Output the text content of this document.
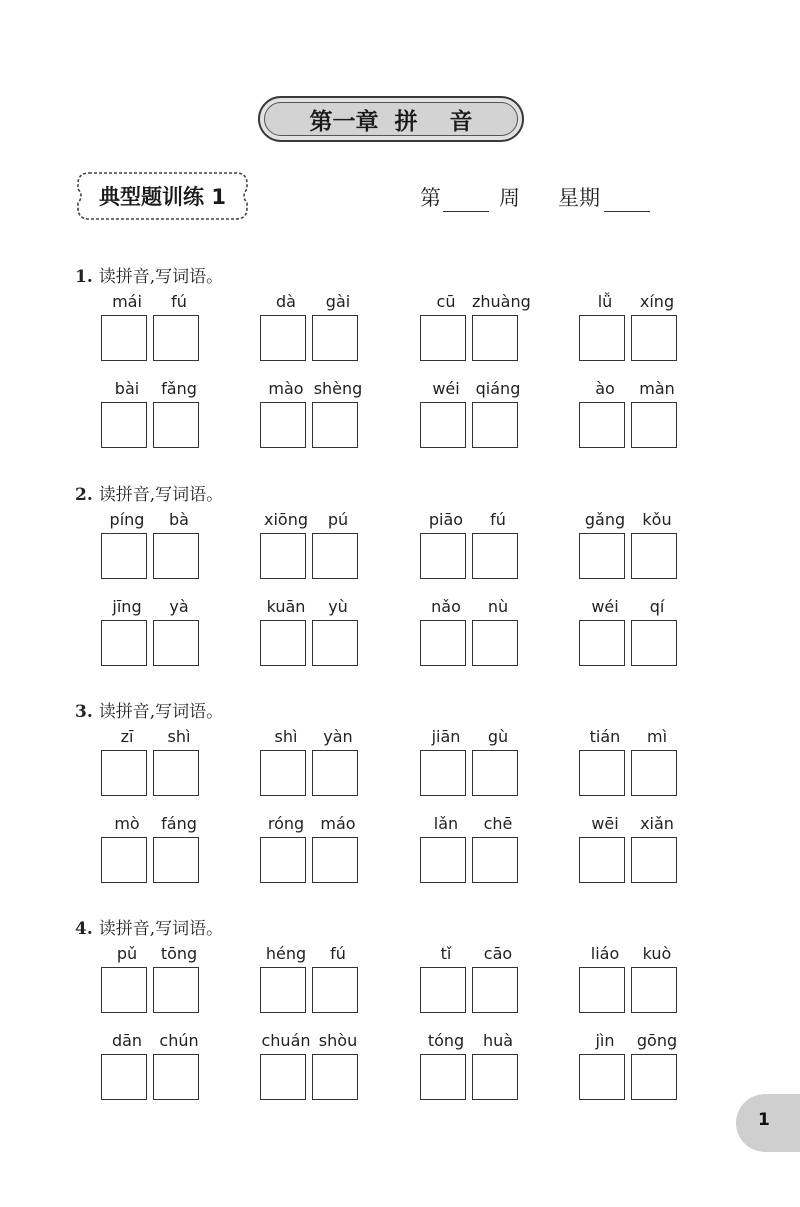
第一章  拼    音
典型题训练 1	第	周 星期
1. 读拼音,写词语。
mái	fú	dà	gài	cū	zhuàng	lǚ	xíng
bài	fǎng	mào shèng	wéi qiáng	ào	màn
2. 读拼音,写词语。
píng	bà	xiōng	pú	piāo	fú	gǎng	kǒu
jīng	yà	kuān	yù	nǎo	nù	wéi	qí
3. 读拼音,写词语。
zī	shì	shì	yàn	jiān	gù	tián	mì
mò	fáng	róng	máo	lǎn	chē	wēi	xiǎn
4. 读拼音,写词语。
pǔ	tōng	héng	fú	tǐ	cāo	liáo	kuò
dān	chún	chuán shòu	tóng	huà	jìn	gōng
1
